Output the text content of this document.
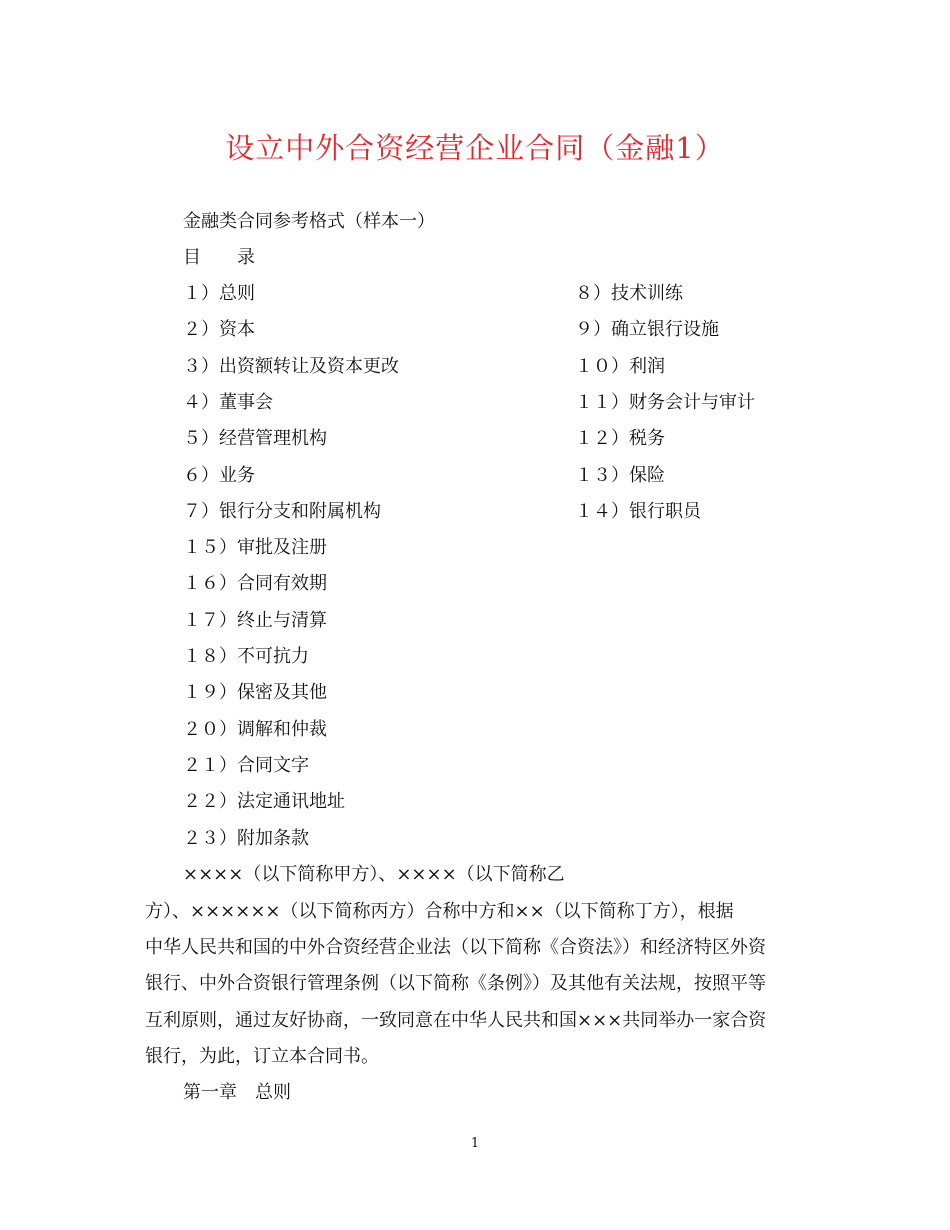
设立中外合资经营企业合同（金融1）
金融类合同参考格式（样本一）
目　　录
１）总则
２）资本
３）出资额转让及资本更改
４）董事会
５）经营管理机构
６）业务
７）银行分支和附属机构
１５）审批及注册
１６）合同有效期
１７）终止与清算
１８）不可抗力
１９）保密及其他
２０）调解和仲裁
２１）合同文字
２２）法定通讯地址
２３）附加条款
８）技术训练
９）确立银行设施
１０）利润
１１）财务会计与审计
１２）税务
１３）保险
１４）银行职员
××××（以下简称甲方）、××××（以下简称乙
方）、××××××（以下简称丙方）合称中方和××（以下简称丁方），根据
中华人民共和国的中外合资经营企业法（以下简称《合资法》）和经济特区外资
银行、中外合资银行管理条例（以下简称《条例》）及其他有关法规，按照平等
互利原则，通过友好协商，一致同意在中华人民共和国×××共同举办一家合资
银行，为此，订立本合同书。
第一章　总则
1
